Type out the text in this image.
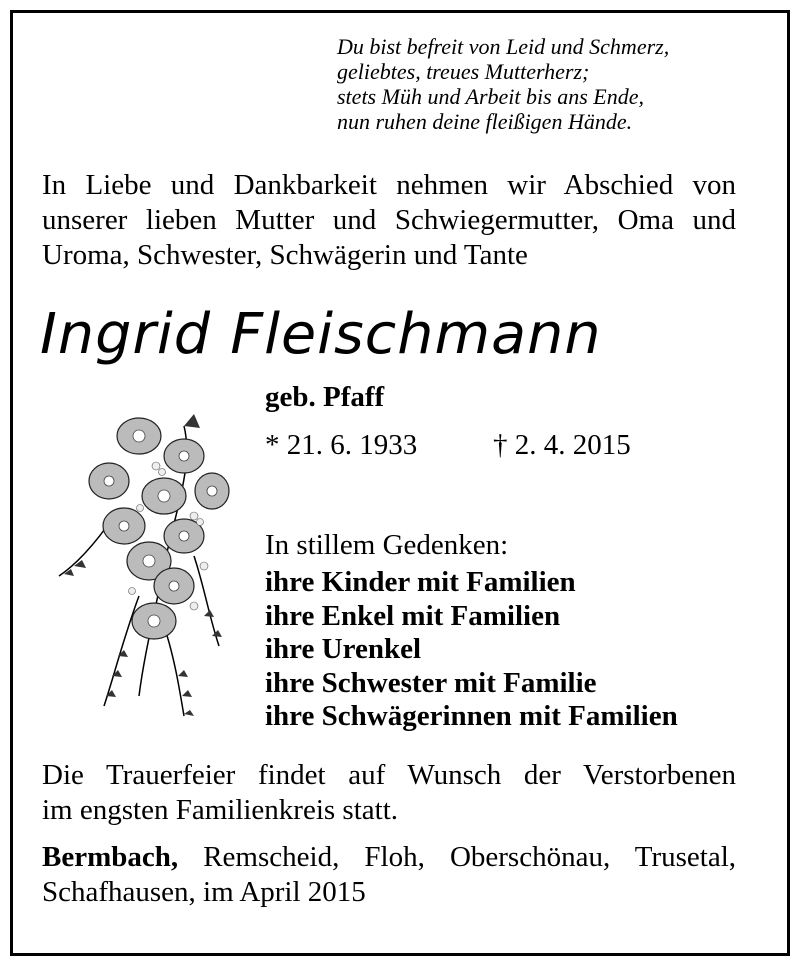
Du bist befreit von Leid und Schmerz,
geliebtes, treues Mutterherz;
stets Müh und Arbeit bis ans Ende,
nun ruhen deine fleißigen Hände.
In Liebe und Dankbarkeit nehmen wir Abschied von
unserer lieben Mutter und Schwiegermutter, Oma und
Uroma, Schwester, Schwägerin und Tante
Ingrid Fleischmann
geb. Pfaff
* 21. 6. 1933	† 2. 4. 2015
In stillem Gedenken:
ihre Kinder mit Familien
ihre Enkel mit Familien
ihre Urenkel
ihre Schwester mit Familie
ihre Schwägerinnen mit Familien
Die Trauerfeier findet auf Wunsch der Verstorbenen
im engsten Familienkreis statt.
Bermbach, Remscheid, Floh, Oberschönau, Trusetal,
Schafhausen, im April 2015
